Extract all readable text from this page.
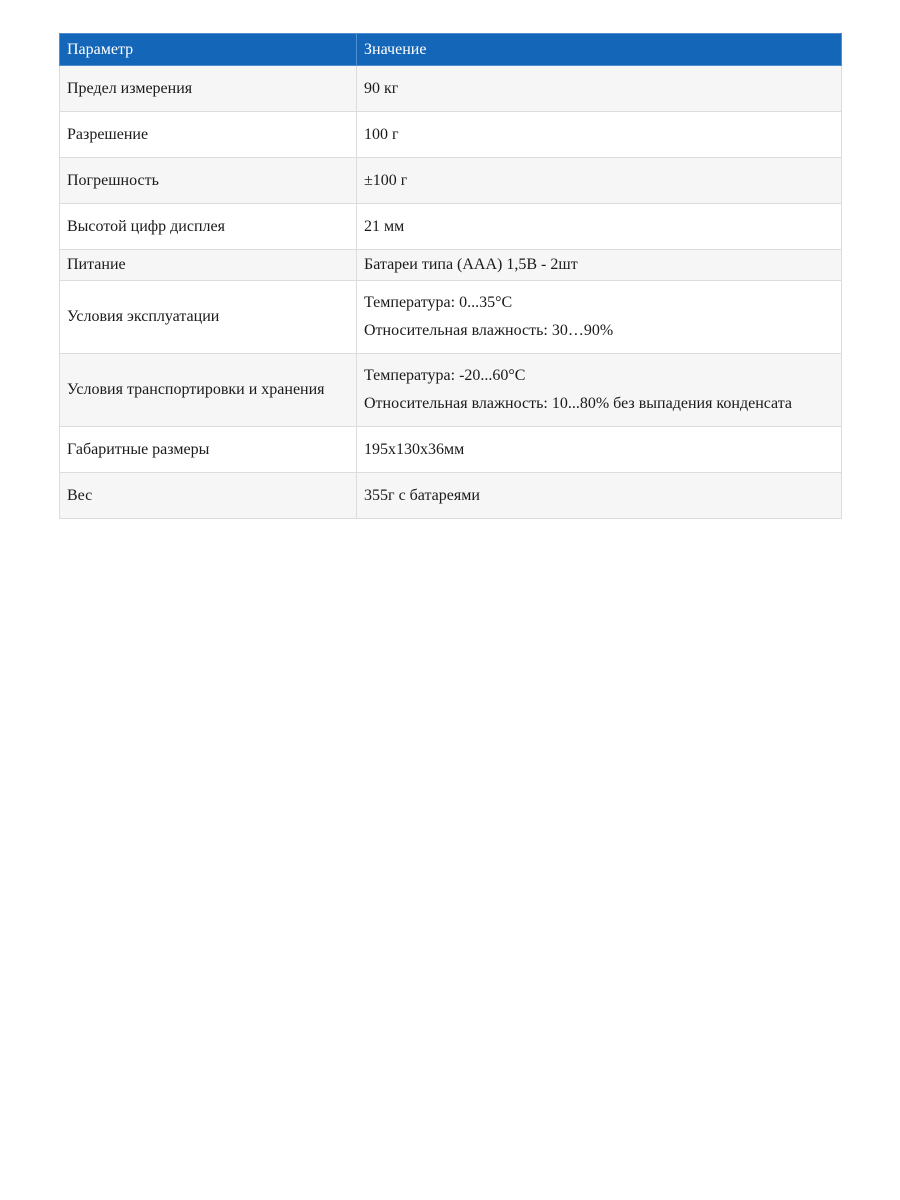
Параметр	Значение
Предел измерения	90 кг

Разрешение	100 г

Погрешность	±100 г

Высотой цифр дисплея	21 мм

Питание	Батареи типа (ААА) 1,5В - 2шт

Условия эксплуатации	Температура: 0...35°C
Относительная влажность: 30…90%

Условия транспортировки и хранения	Температура: -20...60°C
Относительная влажность: 10...80% без выпадения конденсата

Габаритные размеры	195x130x36мм

Вес	355г с батареями
